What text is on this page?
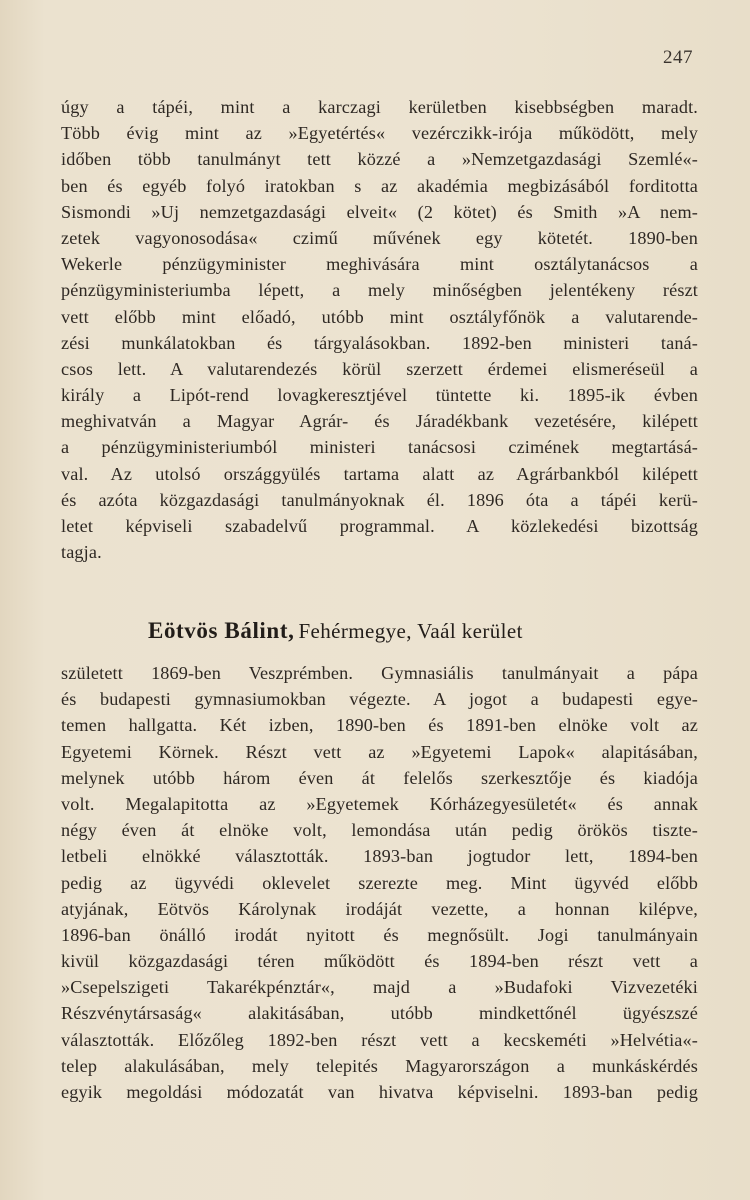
247
úgy a tápéi, mint a karczagi kerületben kisebbségben maradt.
Több évig mint az »Egyetértés« vezérczikk-irója működött, mely
időben több tanulmányt tett közzé a »Nemzetgazdasági Szemlé«-
ben és egyéb folyó iratokban s az akadémia megbizásából forditotta
Sismondi »Uj nemzetgazdasági elveit« (2 kötet) és Smith »A nem-
zetek vagyonosodása« czimű művének egy kötetét. 1890-ben
Wekerle pénzügyminister meghivására mint osztálytanácsos a
pénzügyministeriumba lépett, a mely minőségben jelentékeny részt
vett előbb mint előadó, utóbb mint osztályfőnök a valutarende-
zési munkálatokban és tárgyalásokban. 1892-ben ministeri taná-
csos lett. A valutarendezés körül szerzett érdemei elismeréseül a
király a Lipót-rend lovagkeresztjével tüntette ki. 1895-ik évben
meghivatván a Magyar Agrár- és Járadékbank vezetésére, kilépett
a pénzügyministeriumból ministeri tanácsosi czimének megtartásá-
val. Az utolsó országgyülés tartama alatt az Agrárbankból kilépett
és azóta közgazdasági tanulmányoknak él. 1896 óta a tápéi kerü-
letet képviseli szabadelvű programmal. A közlekedési bizottság
tagja.
Eötvös Bálint, Fehérmegye, Vaál kerület
született 1869-ben Veszprémben. Gymnasiális tanulmányait a pápa
és budapesti gymnasiumokban végezte. A jogot a budapesti egye-
temen hallgatta. Két izben, 1890-ben és 1891-ben elnöke volt az
Egyetemi Körnek. Részt vett az »Egyetemi Lapok« alapitásában,
melynek utóbb három éven át felelős szerkesztője és kiadója
volt. Megalapitotta az »Egyetemek Kórházegyesületét« és annak
négy éven át elnöke volt, lemondása után pedig örökös tiszte-
letbeli elnökké választották. 1893-ban jogtudor lett, 1894-ben
pedig az ügyvédi oklevelet szerezte meg. Mint ügyvéd előbb
atyjának, Eötvös Károlynak irodáját vezette, a honnan kilépve,
1896-ban önálló irodát nyitott és megnősült. Jogi tanulmányain
kivül közgazdasági téren működött és 1894-ben részt vett a
»Csepelszigeti Takarékpénztár«, majd a »Budafoki Vizvezetéki
Részvénytársaság« alakitásában, utóbb mindkettőnél ügyészszé
választották. Előzőleg 1892-ben részt vett a kecskeméti »Helvétia«-
telep alakulásában, mely telepités Magyarországon a munkáskérdés
egyik megoldási módozatát van hivatva képviselni. 1893-ban pedig
